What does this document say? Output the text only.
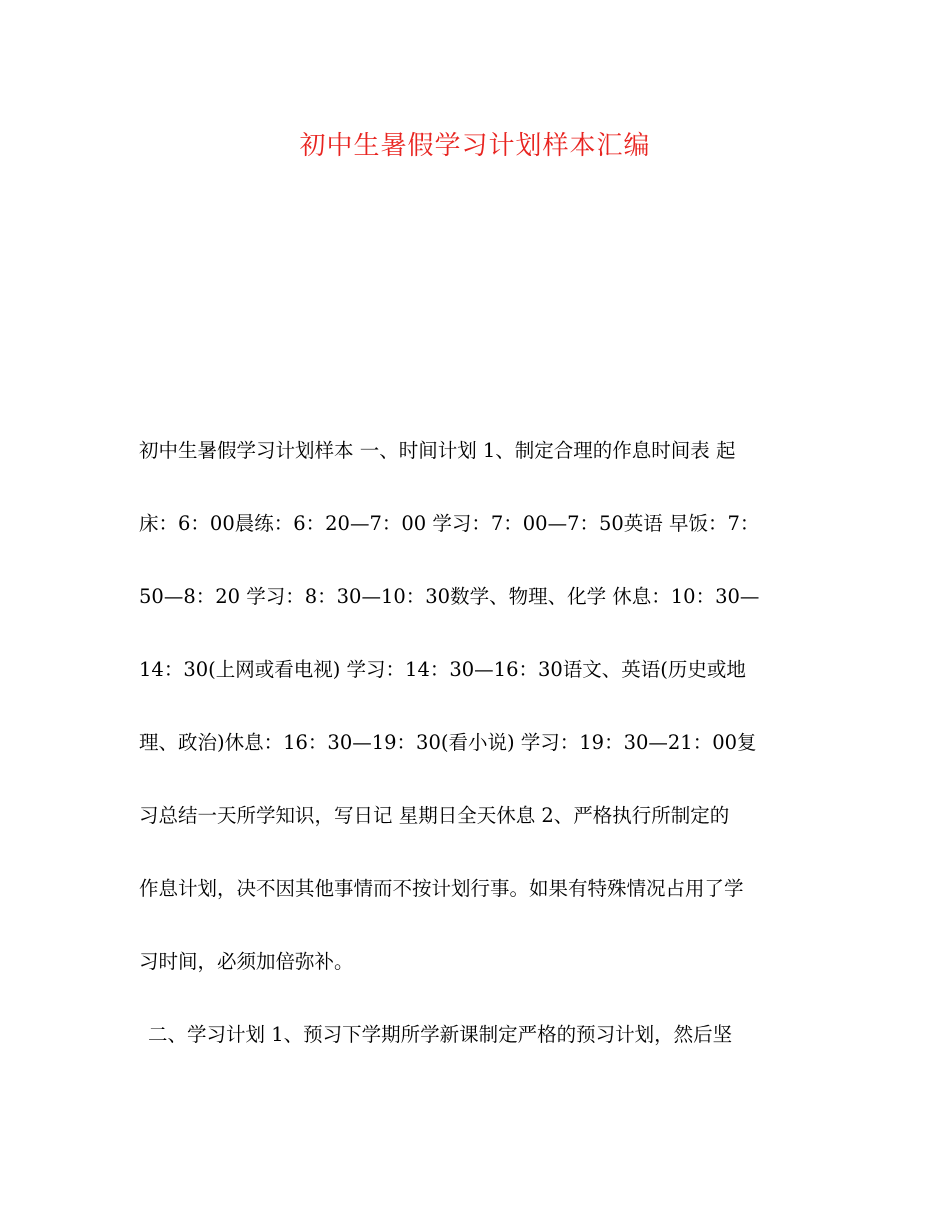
初中生暑假学习计划样本汇编

初中生暑假学习计划样本 一、时间计划 1、制定合理的作息时间表 起

床：6：00晨练：6：20—7：00 学习：7：00—7：50英语 早饭：7：

50—8：20 学习：8：30—10：30数学、物理、化学 休息：10：30—

14：30(上网或看电视) 学习：14：30—16：30语文、英语(历史或地

理、政治)休息：16：30—19：30(看小说) 学习：19：30—21：00复

习总结一天所学知识，写日记 星期日全天休息 2、严格执行所制定的

作息计划，决不因其他事情而不按计划行事。如果有特殊情况占用了学

习时间，必须加倍弥补。

二、学习计划 1、预习下学期所学新课制定严格的预习计划，然后坚
